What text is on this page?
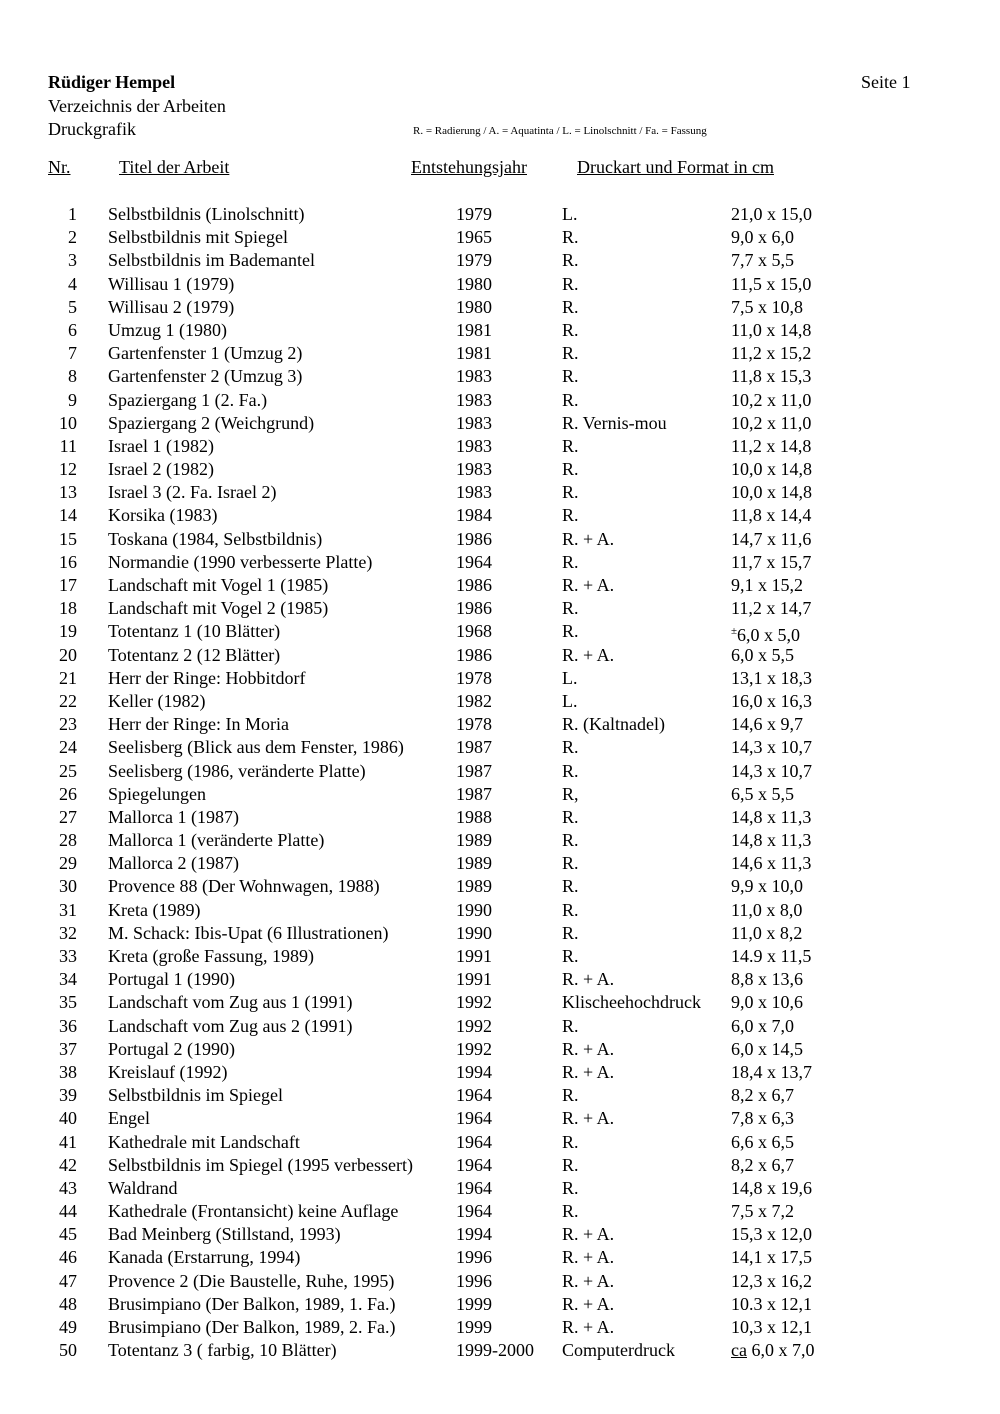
Rüdiger Hempel	Seite 1
Verzeichnis der Arbeiten
Druckgrafik	R. = Radierung / A. = Aquatinta / L. = Linolschnitt / Fa. = Fassung
Nr.	Titel der Arbeit	Entstehungsjahr	Druckart und Format in cm
1 Selbstbildnis (Linolschnitt)	1979	L.	21,0 x 15,0
2 Selbstbildnis mit Spiegel	1965	R.	9,0 x 6,0
3 Selbstbildnis im Bademantel	1979	R.	7,7 x 5,5
4 Willisau 1 (1979)	1980	R.	11,5 x 15,0
5 Willisau 2 (1979)	1980	R.	7,5 x 10,8
6 Umzug 1 (1980)	1981	R.	11,0 x 14,8
7 Gartenfenster 1 (Umzug 2)	1981	R.	11,2 x 15,2
8 Gartenfenster 2 (Umzug 3)	1983	R.	11,8 x 15,3
9 Spaziergang 1 (2. Fa.)	1983	R.	10,2 x 11,0
10 Spaziergang 2 (Weichgrund)	1983	R. Vernis-mou	10,2 x 11,0
11 Israel 1 (1982)	1983	R.	11,2 x 14,8
12 Israel 2 (1982)	1983	R.	10,0 x 14,8
13 Israel 3 (2. Fa. Israel 2)	1983	R.	10,0 x 14,8
14 Korsika (1983)	1984	R.	11,8 x 14,4
15 Toskana (1984, Selbstbildnis)	1986	R. + A.	14,7 x 11,6
16 Normandie (1990 verbesserte Platte)	1964	R.	11,7 x 15,7
17 Landschaft mit Vogel 1 (1985)	1986	R. + A.	9,1 x 15,2
18 Landschaft mit Vogel 2 (1985)	1986	R.	11,2 x 14,7
19 Totentanz 1 (10 Blätter)	1968	R.	±6,0 x 5,0
20 Totentanz 2 (12 Blätter)	1986	R. + A.	6,0 x 5,5
21 Herr der Ringe: Hobbitdorf	1978	L.	13,1 x 18,3
22 Keller (1982)	1982	L.	16,0 x 16,3
23 Herr der Ringe: In Moria	1978	R. (Kaltnadel)	14,6 x 9,7
24 Seelisberg (Blick aus dem Fenster, 1986)	1987	R.	14,3 x 10,7
25 Seelisberg (1986, veränderte Platte)	1987	R.	14,3 x 10,7
26 Spiegelungen	1987	R,	6,5 x 5,5
27 Mallorca 1 (1987)	1988	R.	14,8 x 11,3
28 Mallorca 1 (veränderte Platte)	1989	R.	14,8 x 11,3
29 Mallorca 2 (1987)	1989	R.	14,6 x 11,3
30 Provence 88 (Der Wohnwagen, 1988)	1989	R.	9,9 x 10,0
31 Kreta (1989)	1990	R.	11,0 x 8,0
32 M. Schack: Ibis-Upat (6 Illustrationen)	1990	R.	11,0 x 8,2
33 Kreta (große Fassung, 1989)	1991	R.	14.9 x 11,5
34 Portugal 1 (1990)	1991	R. + A.	8,8 x 13,6
35 Landschaft vom Zug aus 1 (1991)	1992	Klischeehochdruck 9,0 x 10,6
36 Landschaft vom Zug aus 2 (1991)	1992	R.	6,0 x 7,0
37 Portugal 2 (1990)	1992	R. + A.	6,0 x 14,5
38 Kreislauf (1992)	1994	R. + A.	18,4 x 13,7
39 Selbstbildnis im Spiegel	1964	R.	8,2 x 6,7
40 Engel	1964	R. + A.	7,8 x 6,3
41 Kathedrale mit Landschaft	1964	R.	6,6 x 6,5
42 Selbstbildnis im Spiegel (1995 verbessert) 1964	R.	8,2 x 6,7
43 Waldrand	1964	R.	14,8 x 19,6
44 Kathedrale (Frontansicht) keine Auflage	1964	R.	7,5 x 7,2
45 Bad Meinberg (Stillstand, 1993)	1994	R. + A.	15,3 x 12,0
46 Kanada (Erstarrung, 1994)	1996	R. + A.	14,1 x 17,5
47 Provence 2 (Die Baustelle, Ruhe, 1995)	1996	R. + A.	12,3 x 16,2
48 Brusimpiano (Der Balkon, 1989, 1. Fa.)	1999	R. + A.	10.3 x 12,1
49 Brusimpiano (Der Balkon, 1989, 2. Fa.)	1999	R. + A.	10,3 x 12,1
50 Totentanz 3 ( farbig, 10 Blätter)	1999-2000 Computerdruck	ca 6,0 x 7,0
